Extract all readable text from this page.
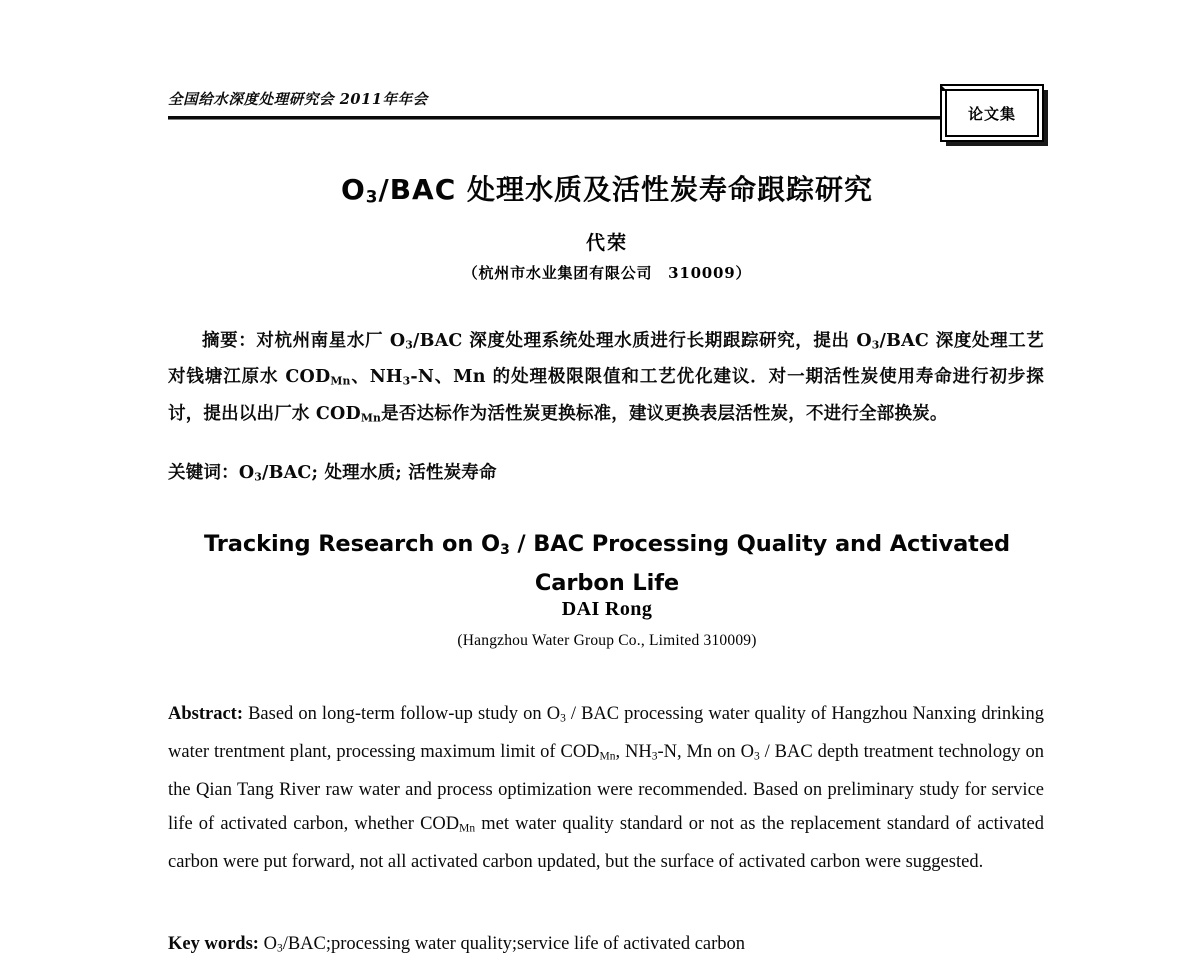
全国给水深度处理研究会 2011年年会
论文集
$O_3$/BAC 处理水质及活性炭寿命跟踪研究
代荣
（杭州市水业集团有限公司　310009）
摘要：对杭州南星水厂 $O_3$/BAC 深度处理系统处理水质进行长期跟踪研究，提出 $O_3$/BAC 深度处理工艺对钱塘江原水 $COD_{Mn}$、$NH_3-N$、Mn 的处理极限限值和工艺优化建议．对一期活性炭使用寿命进行初步探讨，提出以出厂水 $COD_{Mn}$是否达标作为活性炭更换标准，建议更换表层活性炭，不进行全部换炭。
关键词：$O_3$/BAC; 处理水质; 活性炭寿命
Tracking Research on $O_3$ / BAC Processing Quality and Activated Carbon Life
DAI Rong
(Hangzhou Water Group Co., Limited 310009)
Abstract: Based on long-term follow-up study on $O_3$ / BAC processing water quality of Hangzhou Nanxing drinking water trentment plant, processing maximum limit of $COD_{Mn}$, $NH_3-N$, Mn on $O_3$ / BAC depth treatment technology on the Qian Tang River raw water and process optimization were recommended. Based on preliminary study for service life of activated carbon, whether $COD_{Mn}$ met water quality standard or not as the replacement standard of activated carbon were put forward, not all activated carbon updated, but the surface of activated carbon were suggested.
Key words: $O_3/BAC;processing$ water quality;service life of activated carbon
